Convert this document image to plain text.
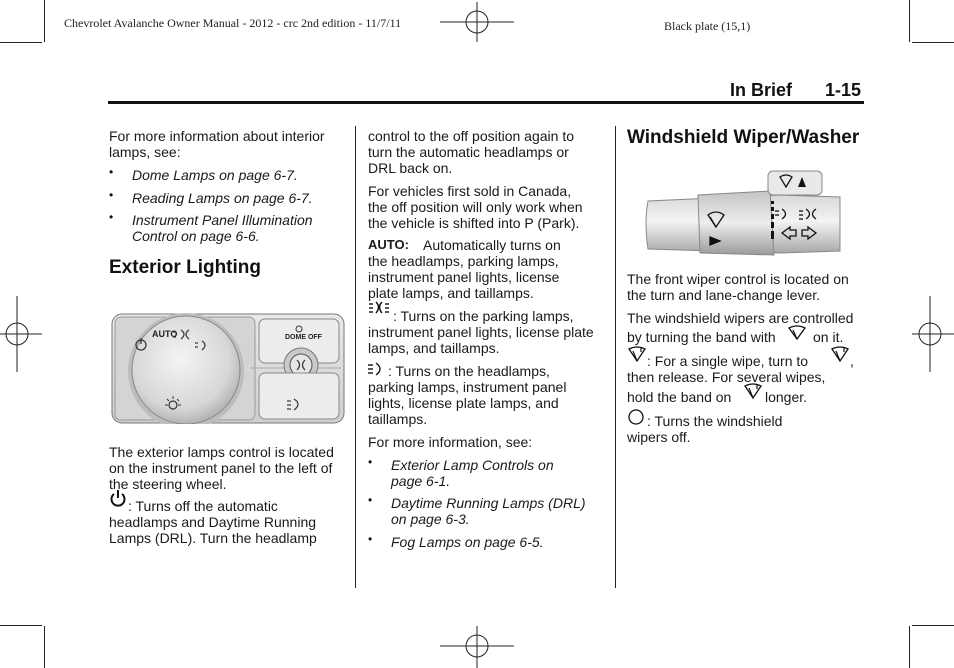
Chevrolet Avalanche Owner Manual - 2012 - crc 2nd edition - 11/7/11	Black plate (15,1)
In Brief 1-15
For more information about interior lamps, see:
• Dome Lamps on page 6-7.
• Reading Lamps on page 6-7.
• Instrument Panel Illumination
Control on page 6-6.
Exterior Lighting
AUTO	DOME OFF
The exterior lamps control is located
on the instrument panel to the left of
the steering wheel.
: Turns off the automatic
headlamps and Daytime Running
Lamps (DRL). Turn the headlamp
control to the off position again to
turn the automatic headlamps or
DRL back on.
For vehicles first sold in Canada,
the off position will only work when
the vehicle is shifted into P (Park).
AUTO: Automatically turns on
the headlamps, parking lamps,
instrument panel lights, license
plate lamps, and taillamps.
: Turns on the parking lamps,
instrument panel lights, license plate
lamps, and taillamps.
: Turns on the headlamps,
parking lamps, instrument panel
lights, license plate lamps, and
taillamps.
For more information, see:
• Exterior Lamp Controls on
page 6-1.
• Daytime Running Lamps (DRL)
on page 6-3.
• Fog Lamps on page 6-5.
Windshield Wiper/Washer
The front wiper control is located on
the turn and lane-change lever.
The windshield wipers are controlled
by turning the band with	on it.
: For a single wipe, turn to	,
then release. For several wipes,
hold the band on longer.
: Turns the windshield
wipers off.
